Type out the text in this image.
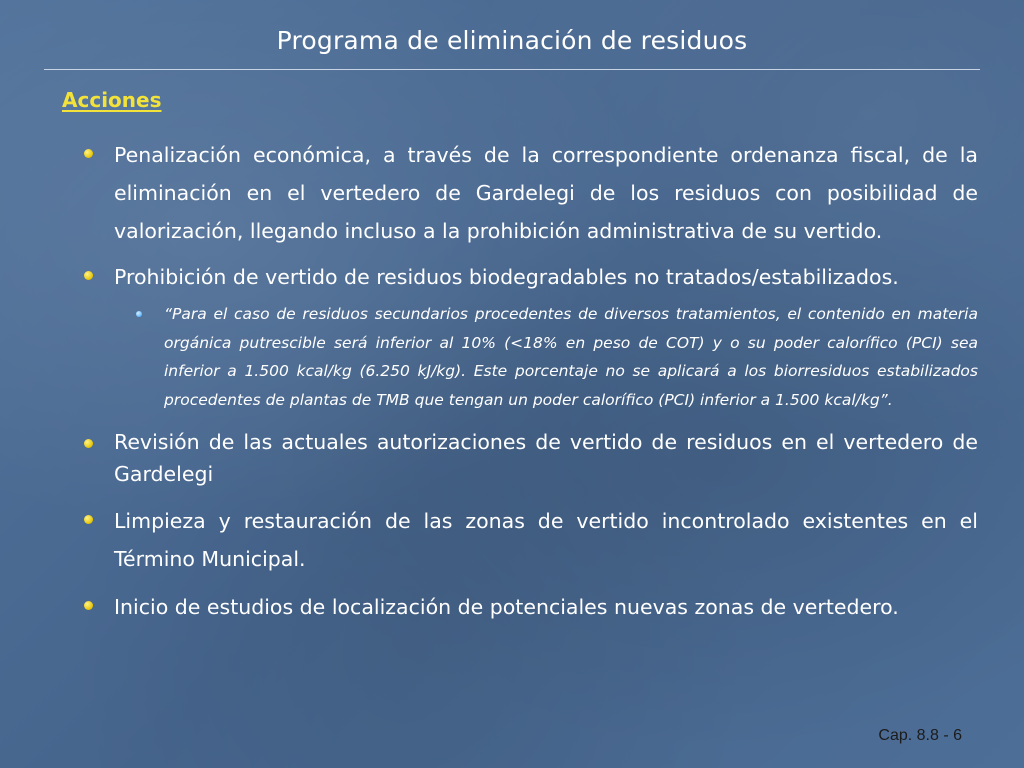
Programa de eliminación de residuos
Acciones
Penalización económica, a través de la correspondiente ordenanza fiscal, de la eliminación en el vertedero de Gardelegi de los residuos con posibilidad de valorización, llegando incluso a la prohibición administrativa de su vertido.
Prohibición de vertido de residuos biodegradables no tratados/estabilizados.
“Para el caso de residuos secundarios procedentes de diversos tratamientos, el contenido en materia orgánica putrescible será inferior al 10% (<18% en peso de COT) y o su poder calorífico (PCI) sea inferior a 1.500 kcal/kg (6.250 kJ/kg). Este porcentaje no se aplicará a los biorresiduos estabilizados procedentes de plantas de TMB que tengan un poder calorífico (PCI) inferior a 1.500 kcal/kg”.
Revisión de las actuales autorizaciones de vertido de residuos en el vertedero de Gardelegi
Limpieza y restauración de las zonas de vertido incontrolado existentes en el Término Municipal.
Inicio de estudios de localización de potenciales nuevas zonas de vertedero.
Cap. 8.8 - 6
